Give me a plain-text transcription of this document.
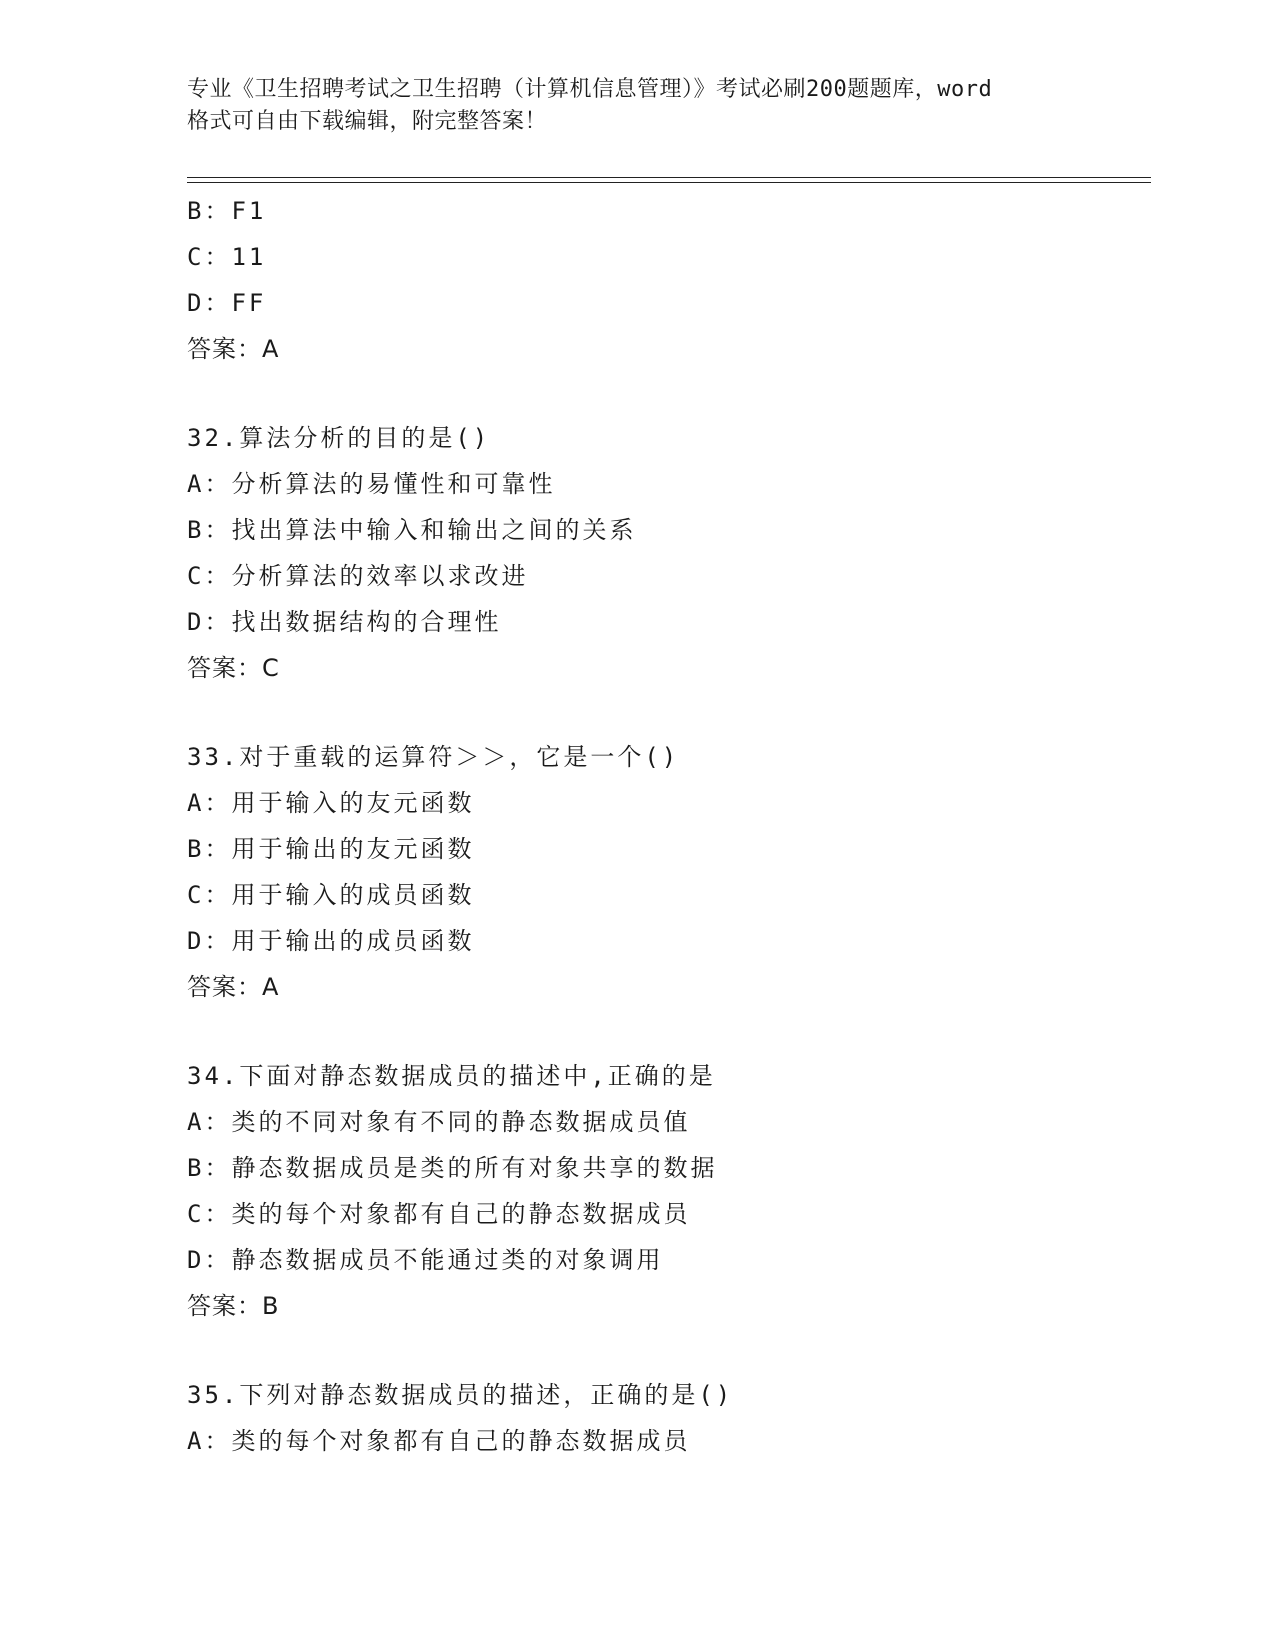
专业《卫生招聘考试之卫生招聘（计算机信息管理）》考试必刷200题题库，word
格式可自由下载编辑，附完整答案！
B：F1
C：11
D：FF
答案：A
32.算法分析的目的是()
A：分析算法的易懂性和可靠性
B：找出算法中输入和输出之间的关系
C：分析算法的效率以求改进
D：找出数据结构的合理性
答案：C
33.对于重载的运算符＞＞，它是一个()
A：用于输入的友元函数
B：用于输出的友元函数
C：用于输入的成员函数
D：用于输出的成员函数
答案：A
34.下面对静态数据成员的描述中,正确的是
A：类的不同对象有不同的静态数据成员值
B：静态数据成员是类的所有对象共享的数据
C：类的每个对象都有自己的静态数据成员
D：静态数据成员不能通过类的对象调用
答案：B
35.下列对静态数据成员的描述，正确的是()
A：类的每个对象都有自己的静态数据成员
